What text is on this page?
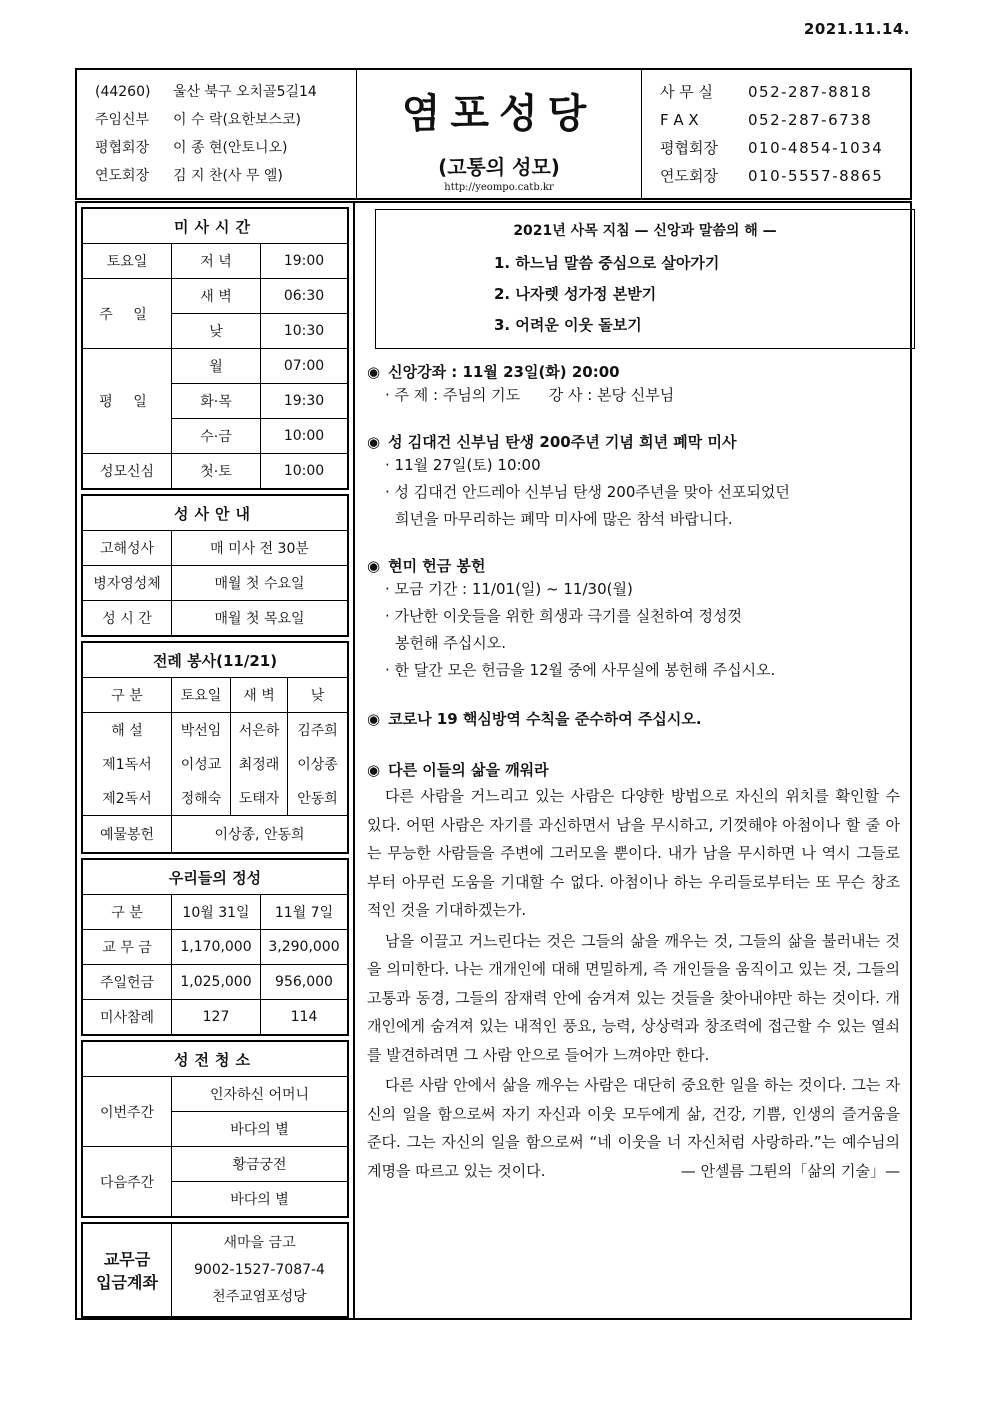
2021.11.14.
(44260) 울산 북구 오치골5길14
주임신부 이 수 락(요한보스코)
평협회장 이 종 현(안토니오)
연도회장 김 지 찬(사 무 엘)
염포성당
(고통의 성모)
http://yeompo.catb.kr
사 무 실 052-287-8818
F A X	052-287-6738
평협회장 010-4854-1034
연도회장 010-5557-8865
미사시간		
토요일	저 녁	19:00
주 일	새 벽	06:30
	낮	10:30
평 일	월	07:00
	화·목	19:30
	수·금	10:00
성모신심	첫·토	10:00
성사안내	
고해성사	매 미사 전 30분
병자영성체	매월 첫 수요일
성 시 간	매월 첫 목요일
전례 봉사(11/21)			
구 분	토요일	새 벽	낮
해 설	박선임	서은하	김주희
제1독서	이성교	최정래	이상종
제2독서	정해숙	도태자	안동희
예물봉헌	이상종, 안동희		
우리들의 정성		
구 분	10월 31일	11월 7일
교 무 금	1,170,000	3,290,000
주일헌금	1,025,000	956,000
미사참례	127	114
성전청소	
이번주간	인자하신 어머니
	바다의 별
다음주간	황금궁전
	바다의 별
교무금
입금계좌

새마을 금고
9002-1527-7087-4
천주교염포성당
2021년 사목 지침 — 신앙과 말씀의 해 —
1. 하느님 말씀 중심으로 살아가기
2. 나자렛 성가정 본받기
3. 어려운 이웃 돌보기
◉ 신앙강좌 : 11월 23일(화) 20:00
· 주 제 : 주님의 기도      강 사 : 본당 신부님
◉ 성 김대건 신부님 탄생 200주년 기념 희년 폐막 미사
· 11월 27일(토) 10:00
· 성 김대건 안드레아 신부님 탄생 200주년을 맞아 선포되었던
희년을 마무리하는 폐막 미사에 많은 참석 바랍니다.
◉ 현미 헌금 봉헌
· 모금 기간 : 11/01(일) ~ 11/30(월)
· 가난한 이웃들을 위한 희생과 극기를 실천하여 정성껏
봉헌해 주십시오.
· 한 달간 모은 헌금을 12월 중에 사무실에 봉헌해 주십시오.
◉ 코로나 19 핵심방역 수칙을 준수하여 주십시오.
◉ 다른 이들의 삶을 깨워라
다른 사람을 거느리고 있는 사람은 다양한 방법으로 자신의 위치를 확인할 수 있다. 어떤 사람은 자기를 과신하면서 남을 무시하고, 기껏해야 아첨이나 할 줄 아는 무능한 사람들을 주변에 그러모을 뿐이다. 내가 남을 무시하면 나 역시 그들로부터 아무런 도움을 기대할 수 없다. 아첨이나 하는 우리들로부터는 또 무슨 창조적인 것을 기대하겠는가.
남을 이끌고 거느린다는 것은 그들의 삶을 깨우는 것, 그들의 삶을 불러내는 것을 의미한다. 나는 개개인에 대해 면밀하게, 즉 개인들을 움직이고 있는 것, 그들의 고통과 동경, 그들의 잠재력 안에 숨겨져 있는 것들을 찾아내야만 하는 것이다. 개개인에게 숨겨져 있는 내적인 풍요, 능력, 상상력과 창조력에 접근할 수 있는 열쇠를 발견하려면 그 사람 안으로 들어가 느껴야만 한다.
다른 사람 안에서 삶을 깨우는 사람은 대단히 중요한 일을 하는 것이다. 그는 자신의 일을 함으로써 자기 자신과 이웃 모두에게 삶, 건강, 기쁨, 인생의 즐거움을 준다. 그는 자신의 일을 함으로써 “네 이웃을 너 자신처럼 사랑하라.”는 예수님의 계명을 따르고 있는 것이다.	— 안셀름 그륀의「삶의 기술」—
